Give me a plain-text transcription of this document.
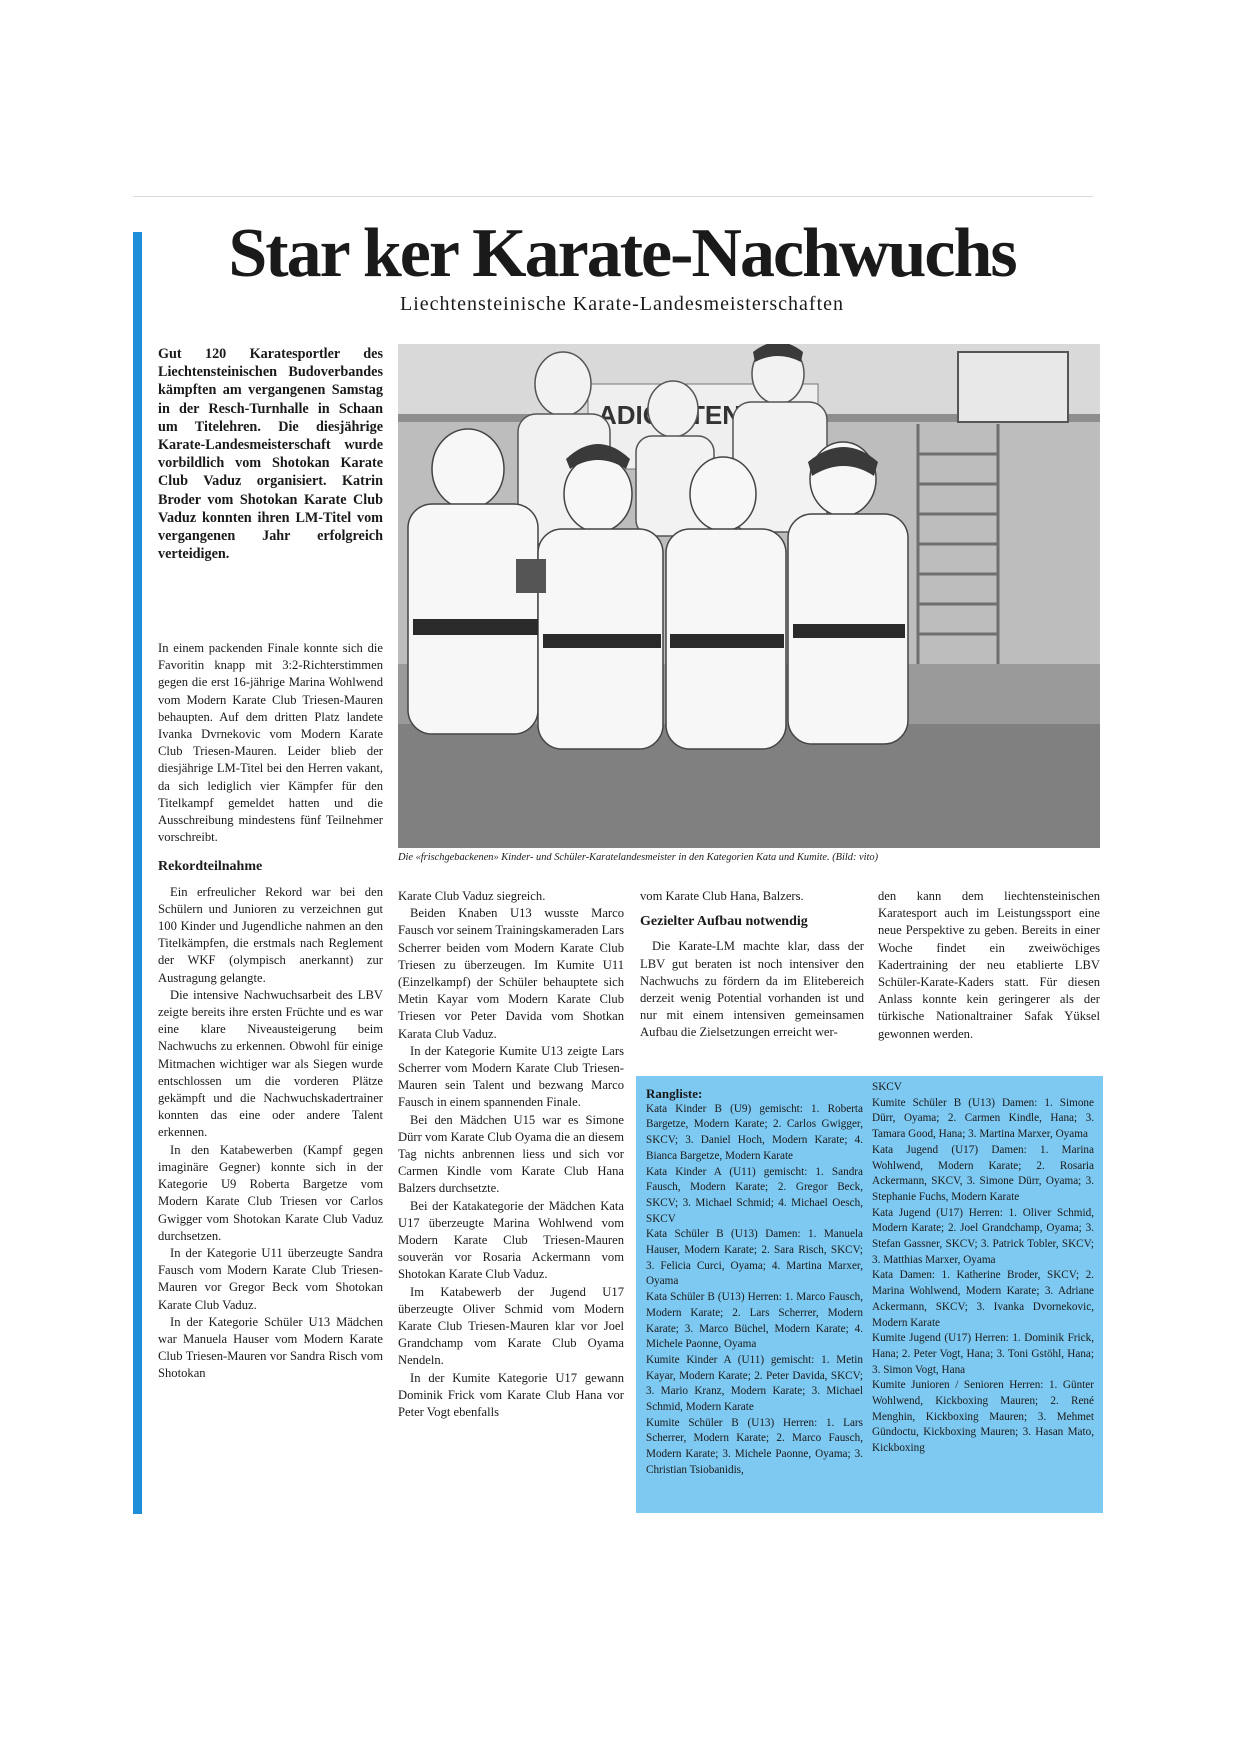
Star ker Karate-Nachwuchs

Liechtensteinische Karate-Landesmeisterschaften

Gut 120 Karatesportler des Liechtensteinischen Budoverbandes kämpften am vergangenen Samstag in der Resch-Turnhalle in Schaan um Titelehren. Die diesjährige Karate-Landesmeisterschaft wurde vorbildlich vom Shotokan Karate Club Vaduz organisiert. Katrin Broder vom Shotokan Karate Club Vaduz konnten ihren LM-Titel vom vergangenen Jahr erfolgreich verteidigen.

ADIO HTEN

Die «frischgebackenen» Kinder- und Schüler-Karatelandesmeister in den Kategorien Kata und Kumite. (Bild: vito)

In einem packenden Finale konnte sich die Favoritin knapp mit 3:2-Richterstimmen gegen die erst 16-jährige Marina Wohlwend vom Modern Karate Club Triesen-Mauren behaupten. Auf dem dritten Platz landete Ivanka Dvrnekovic vom Modern Karate Club Triesen-Mauren. Leider blieb der diesjährige LM-Titel bei den Herren vakant, da sich lediglich vier Kämpfer für den Titelkampf gemeldet hatten und die Ausschreibung mindestens fünf Teilnehmer vorschreibt.

Rekordteilnahme

Ein erfreulicher Rekord war bei den Schülern und Junioren zu verzeichnen gut 100 Kinder und Jugendliche nahmen an den Titelkämpfen, die erstmals nach Reglement der WKF (olympisch anerkannt) zur Austragung gelangte.

Die intensive Nachwuchsarbeit des LBV zeigte bereits ihre ersten Früchte und es war eine klare Niveausteigerung beim Nachwuchs zu erkennen. Obwohl für einige Mitmachen wichtiger war als Siegen wurde entschlossen um die vorderen Plätze gekämpft und die Nachwuchskadertrainer konnten das eine oder andere Talent erkennen.

In den Katabewerben (Kampf gegen imaginäre Gegner) konnte sich in der Kategorie U9 Roberta Bargetze vom Modern Karate Club Triesen vor Carlos Gwigger vom Shotokan Karate Club Vaduz durchsetzen.

In der Kategorie U11 überzeugte Sandra Fausch vom Modern Karate Club Triesen-Mauren vor Gregor Beck vom Shotokan Karate Club Vaduz.

In der Kategorie Schüler U13 Mädchen war Manuela Hauser vom Modern Karate Club Triesen-Mauren vor Sandra Risch vom Shotokan

Karate Club Vaduz siegreich.

Beiden Knaben U13 wusste Marco Fausch vor seinem Trainingskameraden Lars Scherrer beiden vom Modern Karate Club Triesen zu überzeugen. Im Kumite U11 (Einzelkampf) der Schüler behauptete sich Metin Kayar vom Modern Karate Club Triesen vor Peter Davida vom Shotkan Karata Club Vaduz.

In der Kategorie Kumite U13 zeigte Lars Scherrer vom Modern Karate Club Triesen-Mauren sein Talent und bezwang Marco Fausch in einem spannenden Finale.

Bei den Mädchen U15 war es Simone Dürr vom Karate Club Oyama die an diesem Tag nichts anbrennen liess und sich vor Carmen Kindle vom Karate Club Hana Balzers durchsetzte.

Bei der Katakategorie der Mädchen Kata U17 überzeugte Marina Wohlwend vom Modern Karate Club Triesen-Mauren souverän vor Rosaria Ackermann vom Shotokan Karate Club Vaduz.

Im Katabewerb der Jugend U17 überzeugte Oliver Schmid vom Modern Karate Club Triesen-Mauren klar vor Joel Grandchamp vom Karate Club Oyama Nendeln.

In der Kumite Kategorie U17 gewann Dominik Frick vom Karate Club Hana vor Peter Vogt ebenfalls

vom Karate Club Hana, Balzers.

Gezielter Aufbau notwendig

Die Karate-LM machte klar, dass der LBV gut beraten ist noch intensiver den Nachwuchs zu fördern da im Elitebereich derzeit wenig Potential vorhanden ist und nur mit einem intensiven gemeinsamen Aufbau die Zielsetzungen erreicht wer-

den kann dem liechtensteinischen Karatesport auch im Leistungssport eine neue Perspektive zu geben. Bereits in einer Woche findet ein zweiwöchiges Kadertraining der neu etablierte LBV Schüler-Karate-Kaders statt. Für diesen Anlass konnte kein geringerer als der türkische Nationaltrainer Safak Yüksel gewonnen werden.

Rangliste:

Kata Kinder B (U9) gemischt: 1. Roberta Bargetze, Modern Karate; 2. Carlos Gwigger, SKCV; 3. Daniel Hoch, Modern Karate; 4. Bianca Bargetze, Modern Karate

Kata Kinder A (U11) gemischt: 1. Sandra Fausch, Modern Karate; 2. Gregor Beck, SKCV; 3. Michael Schmid; 4. Michael Oesch, SKCV

Kata Schüler B (U13) Damen: 1. Manuela Hauser, Modern Karate; 2. Sara Risch, SKCV; 3. Felicia Curci, Oyama; 4. Martina Marxer, Oyama

Kata Schüler B (U13) Herren: 1. Marco Fausch, Modern Karate; 2. Lars Scherrer, Modern Karate; 3. Marco Büchel, Modern Karate; 4. Michele Paonne, Oyama

Kumite Kinder A (U11) gemischt: 1. Metin Kayar, Modern Karate; 2. Peter Davida, SKCV; 3. Mario Kranz, Modern Karate; 3. Michael Schmid, Modern Karate

Kumite Schüler B (U13) Herren: 1. Lars Scherrer, Modern Karate; 2. Marco Fausch, Modern Karate; 3. Michele Paonne, Oyama; 3. Christian Tsiobanidis,

SKCV

Kumite Schüler B (U13) Damen: 1. Simone Dürr, Oyama; 2. Carmen Kindle, Hana; 3. Tamara Good, Hana; 3. Martina Marxer, Oyama

Kata Jugend (U17) Damen: 1. Marina Wohlwend, Modern Karate; 2. Rosaria Ackermann, SKCV, 3. Simone Dürr, Oyama; 3. Stephanie Fuchs, Modern Karate

Kata Jugend (U17) Herren: 1. Oliver Schmid, Modern Karate; 2. Joel Grandchamp, Oyama; 3. Stefan Gassner, SKCV; 3. Patrick Tobler, SKCV; 3. Matthias Marxer, Oyama

Kata Damen: 1. Katherine Broder, SKCV; 2. Marina Wohlwend, Modern Karate; 3. Adriane Ackermann, SKCV; 3. Ivanka Dvornekovic, Modern Karate

Kumite Jugend (U17) Herren: 1. Dominik Frick, Hana; 2. Peter Vogt, Hana; 3. Toni Gstöhl, Hana; 3. Simon Vogt, Hana

Kumite Junioren / Senioren Herren: 1. Günter Wohlwend, Kickboxing Mauren; 2. René Menghin, Kickboxing Mauren; 3. Mehmet Gündoctu, Kickboxing Mauren; 3. Hasan Mato, Kickboxing
